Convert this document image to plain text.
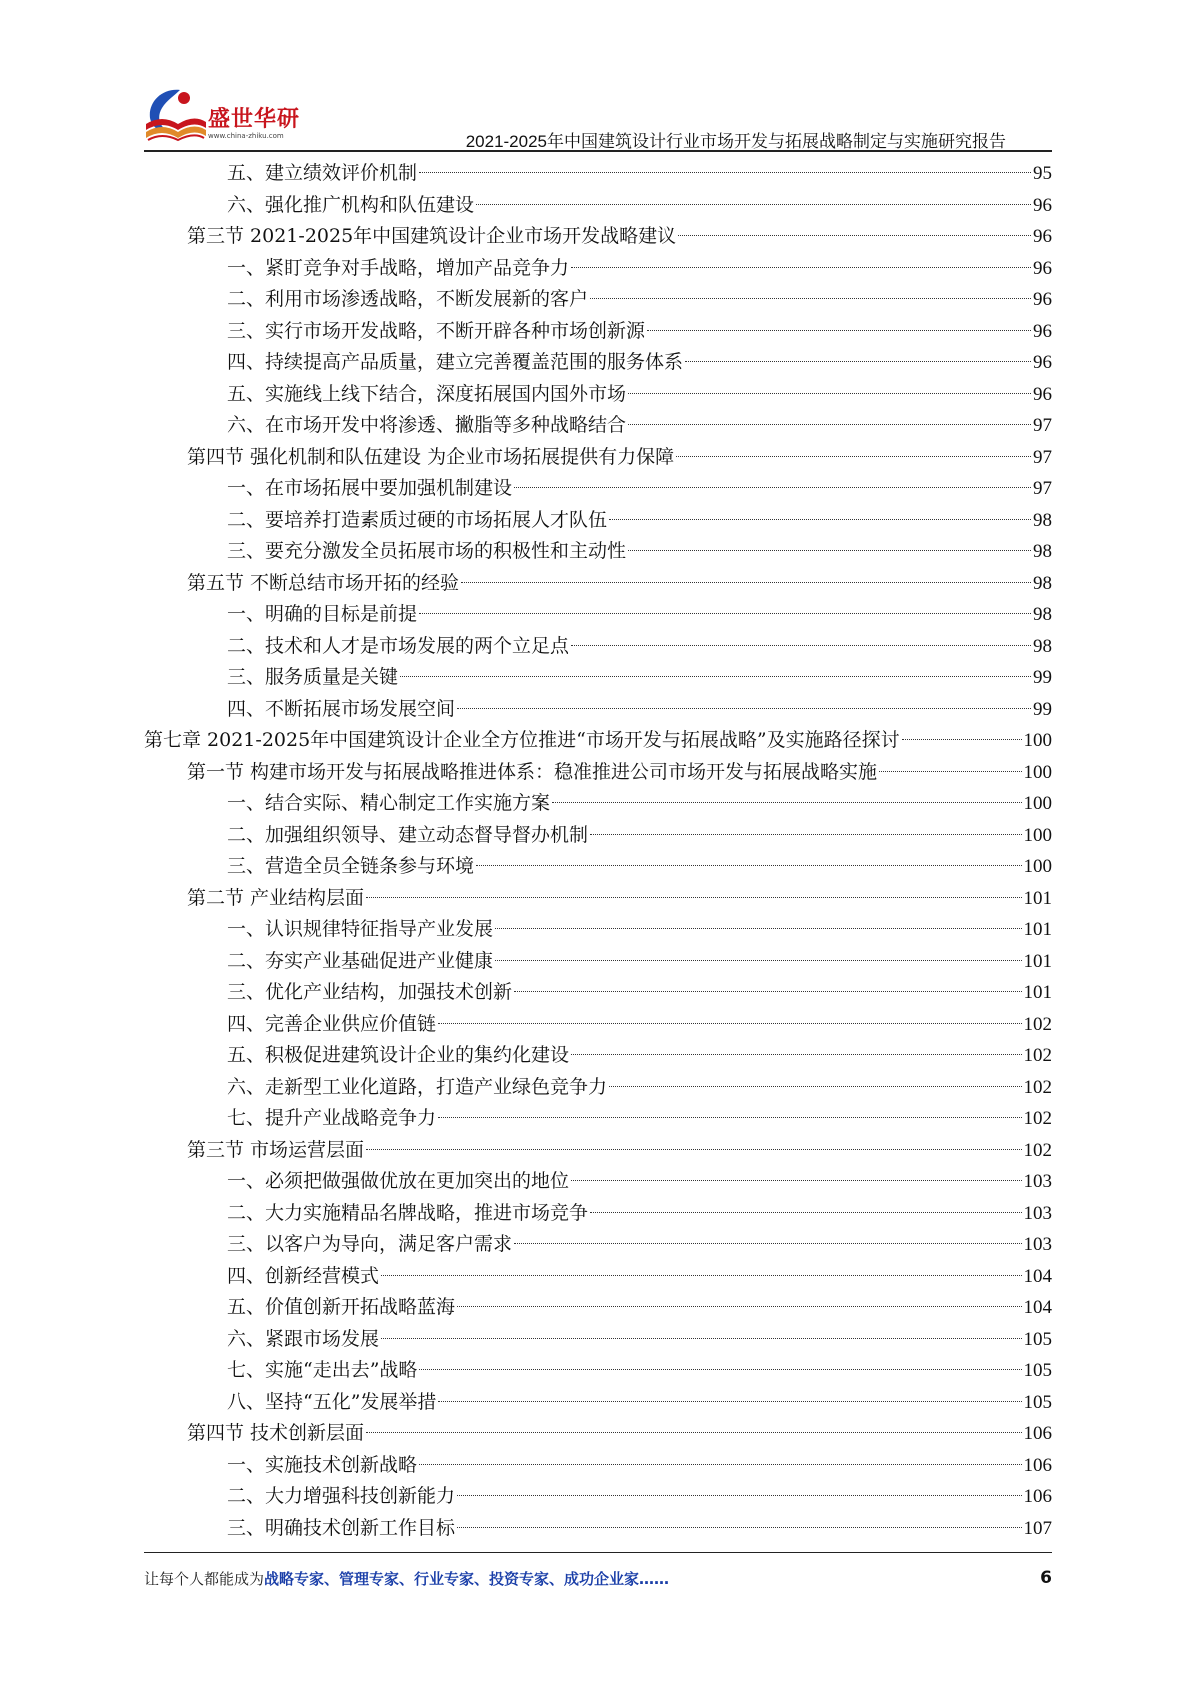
盛世华研
www.china-zhiku.com	2021-2025年中国建筑设计行业市场开发与拓展战略制定与实施研究报告
五、建立绩效评价机制	95
六、强化推广机构和队伍建设	96
第三节 2021-2025年中国建筑设计企业市场开发战略建议	96
一、紧盯竞争对手战略，增加产品竞争力	96
二、利用市场渗透战略，不断发展新的客户	96
三、实行市场开发战略，不断开辟各种市场创新源	96
四、持续提高产品质量，建立完善覆盖范围的服务体系	96
五、实施线上线下结合，深度拓展国内国外市场	96
六、在市场开发中将渗透、撇脂等多种战略结合	97
第四节 强化机制和队伍建设 为企业市场拓展提供有力保障	97
一、在市场拓展中要加强机制建设	97
二、要培养打造素质过硬的市场拓展人才队伍	98
三、要充分激发全员拓展市场的积极性和主动性	98
第五节 不断总结市场开拓的经验	98
一、明确的目标是前提	98
二、技术和人才是市场发展的两个立足点	98
三、服务质量是关键	99
四、不断拓展市场发展空间	99
第七章 2021-2025年中国建筑设计企业全方位推进“市场开发与拓展战略”及实施路径探讨	100
第一节 构建市场开发与拓展战略推进体系：稳准推进公司市场开发与拓展战略实施	100
一、结合实际、精心制定工作实施方案	100
二、加强组织领导、建立动态督导督办机制	100
三、营造全员全链条参与环境	100
第二节 产业结构层面	101
一、认识规律特征指导产业发展	101
二、夯实产业基础促进产业健康	101
三、优化产业结构，加强技术创新	101
四、完善企业供应价值链	102
五、积极促进建筑设计企业的集约化建设	102
六、走新型工业化道路，打造产业绿色竞争力	102
七、提升产业战略竞争力	102
第三节 市场运营层面	102
一、必须把做强做优放在更加突出的地位	103
二、大力实施精品名牌战略，推进市场竞争	103
三、以客户为导向，满足客户需求	103
四、创新经营模式	104
五、价值创新开拓战略蓝海	104
六、紧跟市场发展	105
七、实施“走出去”战略	105
八、坚持“五化”发展举措	105
第四节 技术创新层面	106
一、实施技术创新战略	106
二、大力增强科技创新能力	106
三、明确技术创新工作目标	107
让每个人都能成为战略专家、管理专家、行业专家、投资专家、成功企业家……	6
